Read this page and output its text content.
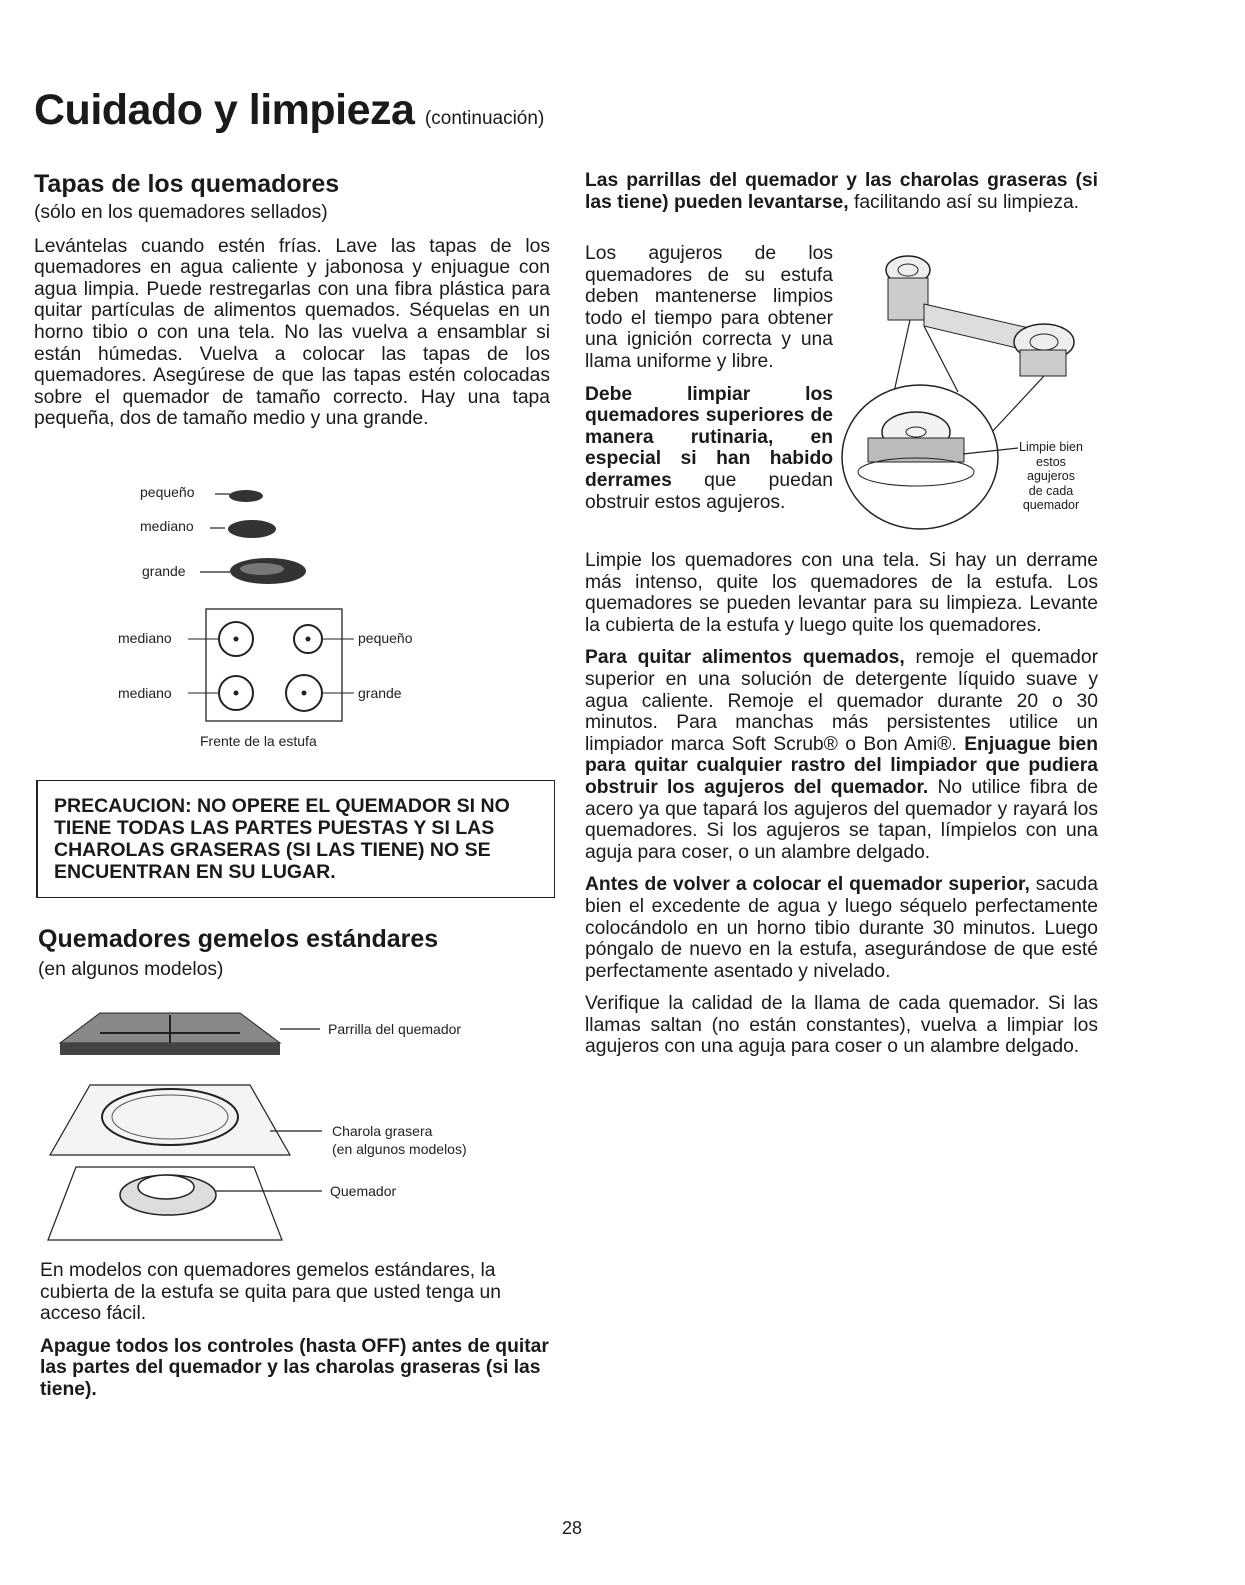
Cuidado y limpieza (continuación)
Tapas de los quemadores
(sólo en los quemadores sellados)
Levántelas cuando estén frías. Lave las tapas de los quemadores en agua caliente y jabonosa y enjuague con agua limpia. Puede restregarlas con una fibra plástica para quitar partículas de alimentos quemados. Séquelas en un horno tibio o con una tela. No las vuelva a ensamblar si están húmedas. Vuelva a colocar las tapas de los quemadores. Asegúrese de que las tapas estén colocadas sobre el quemador de tamaño correcto. Hay una tapa pequeña, dos de tamaño medio y una grande.
pequeño
mediano
grande
mediano	pequeño
mediano	grande
Frente de la estufa
PRECAUCION: NO OPERE EL QUEMADOR SI NO TIENE TODAS LAS PARTES PUESTAS Y SI LAS CHAROLAS GRASERAS (SI LAS TIENE) NO SE ENCUENTRAN EN SU LUGAR.
Quemadores gemelos estándares
(en algunos modelos)
Parrilla del quemador
Charola grasera
(en algunos modelos)
Quemador

En modelos con quemadores gemelos estándares, la cubierta de la estufa se quita para que usted tenga un acceso fácil.

Apague todos los controles (hasta OFF) antes de quitar las partes del quemador y las charolas graseras (si las tiene).

Las parrillas del quemador y las charolas graseras (si las tiene) pueden levantarse, facilitando así su limpieza.

Los agujeros de los quemadores de su estufa deben mantenerse limpios todo el tiempo para obtener una ignición correcta y una llama uniforme y libre.

Debe limpiar los quemadores superiores de manera rutinaria, en especial si han habido derrames que puedan obstruir estos agujeros.
Limpie bien
estos
agujeros
de cada
quemador

Limpie los quemadores con una tela. Si hay un derrame más intenso, quite los quemadores de la estufa. Los quemadores se pueden levantar para su limpieza. Levante la cubierta de la estufa y luego quite los quemadores.

Para quitar alimentos quemados, remoje el quemador superior en una solución de detergente líquido suave y agua caliente. Remoje el quemador durante 20 o 30 minutos. Para manchas más persistentes utilice un limpiador marca Soft Scrub® o Bon Ami®. Enjuague bien para quitar cualquier rastro del limpiador que pudiera obstruir los agujeros del quemador. No utilice fibra de acero ya que tapará los agujeros del quemador y rayará los quemadores. Si los agujeros se tapan, límpielos con una aguja para coser, o un alambre delgado.

Antes de volver a colocar el quemador superior, sacuda bien el excedente de agua y luego séquelo perfectamente colocándolo en un horno tibio durante 30 minutos. Luego póngalo de nuevo en la estufa, asegurándose de que esté perfectamente asentado y nivelado.

Verifique la calidad de la llama de cada quemador. Si las llamas saltan (no están constantes), vuelva a limpiar los agujeros con una aguja para coser o un alambre delgado.

28
